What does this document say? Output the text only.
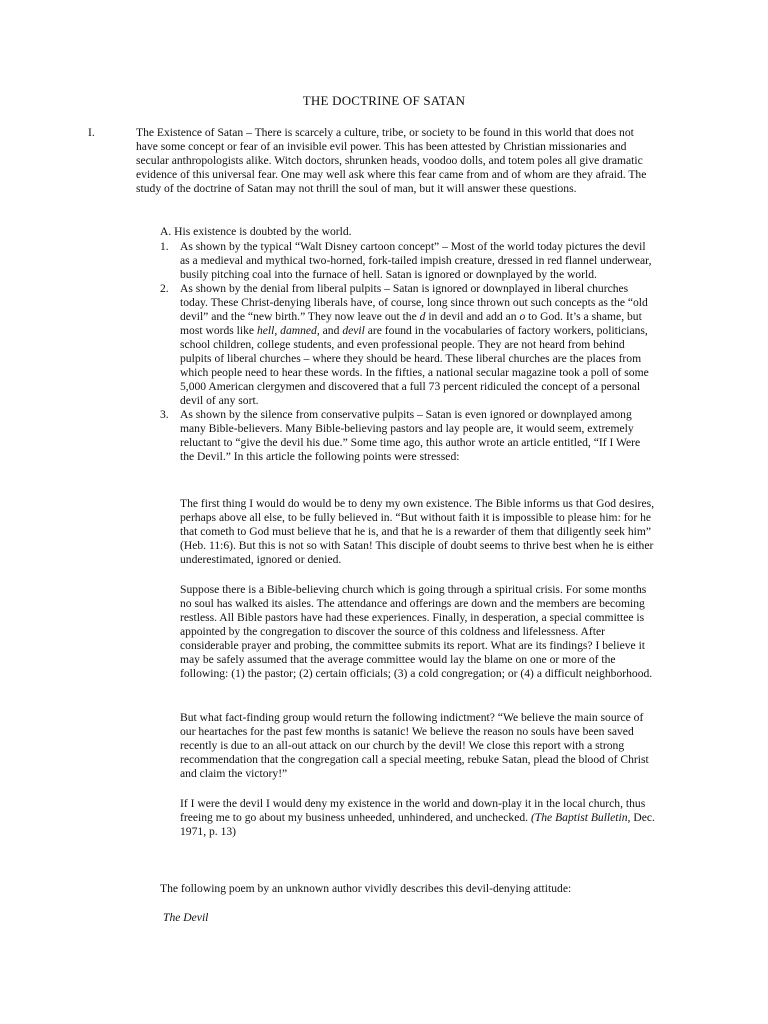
THE DOCTRINE OF SATAN
I.	The Existence of Satan – There is scarcely a culture, tribe, or society to be found in this world that does not have some concept or fear of an invisible evil power. This has been attested by Christian missionaries and secular anthropologists alike. Witch doctors, shrunken heads, voodoo dolls, and totem poles all give dramatic evidence of this universal fear. One may well ask where this fear came from and of whom are they afraid. The study of the doctrine of Satan may not thrill the soul of man, but it will answer these questions.
A. His existence is doubted by the world.
1. As shown by the typical “Walt Disney cartoon concept” – Most of the world today pictures the devil as a medieval and mythical two-horned, fork-tailed impish creature, dressed in red flannel underwear, busily pitching coal into the furnace of hell. Satan is ignored or downplayed by the world.
2. As shown by the denial from liberal pulpits – Satan is ignored or downplayed in liberal churches today. These Christ-denying liberals have, of course, long since thrown out such concepts as the “old devil” and the “new birth.” They now leave out the d in devil and add an o to God. It’s a shame, but most words like hell, damned, and devil are found in the vocabularies of factory workers, politicians, school children, college students, and even professional people. They are not heard from behind pulpits of liberal churches – where they should be heard. These liberal churches are the places from which people need to hear these words. In the fifties, a national secular magazine took a poll of some 5,000 American clergymen and discovered that a full 73 percent ridiculed the concept of a personal devil of any sort.
3. As shown by the silence from conservative pulpits – Satan is even ignored or downplayed among many Bible-believers. Many Bible-believing pastors and lay people are, it would seem, extremely reluctant to “give the devil his due.” Some time ago, this author wrote an article entitled, “If I Were the Devil.” In this article the following points were stressed:
The first thing I would do would be to deny my own existence. The Bible informs us that God desires, perhaps above all else, to be fully believed in. “But without faith it is impossible to please him: for he that cometh to God must believe that he is, and that he is a rewarder of them that diligently seek him” (Heb. 11:6). But this is not so with Satan! This disciple of doubt seems to thrive best when he is either underestimated, ignored or denied.
Suppose there is a Bible-believing church which is going through a spiritual crisis. For some months no soul has walked its aisles. The attendance and offerings are down and the members are becoming restless. All Bible pastors have had these experiences. Finally, in desperation, a special committee is appointed by the congregation to discover the source of this coldness and lifelessness. After considerable prayer and probing, the committee submits its report. What are its findings? I believe it may be safely assumed that the average committee would lay the blame on one or more of the following: (1) the pastor; (2) certain officials; (3) a cold congregation; or (4) a difficult neighborhood.
But what fact-finding group would return the following indictment? “We believe the main source of our heartaches for the past few months is satanic! We believe the reason no souls have been saved recently is due to an all-out attack on our church by the devil! We close this report with a strong recommendation that the congregation call a special meeting, rebuke Satan, plead the blood of Christ and claim the victory!”
If I were the devil I would deny my existence in the world and down-play it in the local church, thus freeing me to go about my business unheeded, unhindered, and unchecked. (The Baptist Bulletin, Dec. 1971, p. 13)
The following poem by an unknown author vividly describes this devil-denying attitude:
The Devil
